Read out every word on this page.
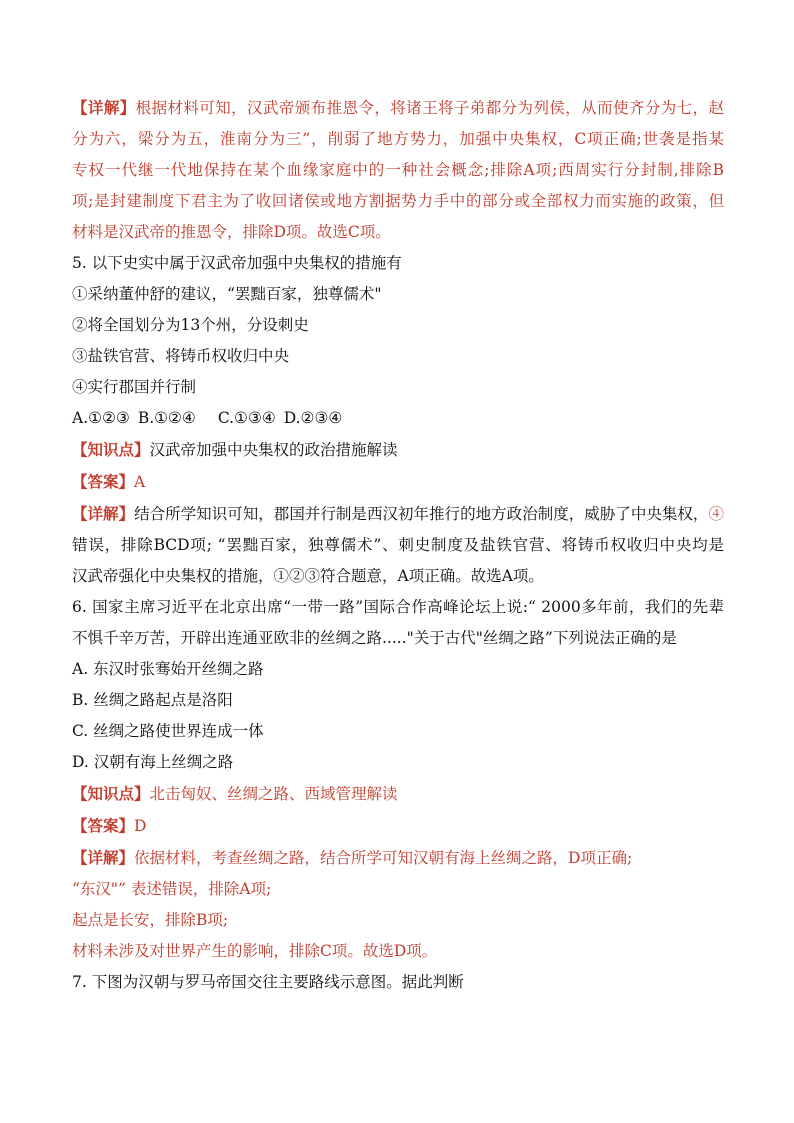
【详解】根据材料可知，汉武帝颁布推恩令，将诸王将子弟都分为列侯，从而使齐分为七，赵
分为六，梁分为五，淮南分为三”，削弱了地方势力，加强中央集权，C项正确;世袭是指某
专权一代继一代地保持在某个血缘家庭中的一种社会概念;排除A项;西周实行分封制,排除B
项;是封建制度下君主为了收回诸侯或地方割据势力手中的部分或全部权力而实施的政策，但
材料是汉武帝的推恩令，排除D项。故选C项。
5. 以下史实中属于汉武帝加强中央集权的措施有
①采纳董仲舒的建议，“罢黜百家，独尊儒术"
②将全国划分为13个州，分设刺史
③盐铁官营、将铸币权收归中央
④实行郡国并行制
A.①②③ B.①②④ C.①③④ D.②③④
【知识点】汉武帝加强中央集权的政治措施解读
【答案】A
【详解】结合所学知识可知，郡国并行制是西汉初年推行的地方政治制度，威胁了中央集权，④
错误，排除BCD项; “罢黜百家，独尊儒术”、刺史制度及盐铁官营、将铸币权收归中央均是
汉武帝强化中央集权的措施，①②③符合题意，A项正确。故选A项。
6. 国家主席习近平在北京出席“一带一路”国际合作高峰论坛上说:“ 2000多年前，我们的先辈
不惧千辛万苦，开辟出连通亚欧非的丝绸之路....."关于古代"丝绸之路”下列说法正确的是
A. 东汉时张骞始开丝绸之路
B. 丝绸之路起点是洛阳
C. 丝绸之路使世界连成一体
D. 汉朝有海上丝绸之路
【知识点】北击匈奴、丝绸之路、西域管理解读
【答案】D
【详解】依据材料，考查丝绸之路，结合所学可知汉朝有海上丝绸之路，D项正确;
“东汉"” 表述错误，排除A项;
起点是长安，排除B项;
材料未涉及对世界产生的影响，排除C项。故选D项。
7. 下图为汉朝与罗马帝国交往主要路线示意图。据此判断
